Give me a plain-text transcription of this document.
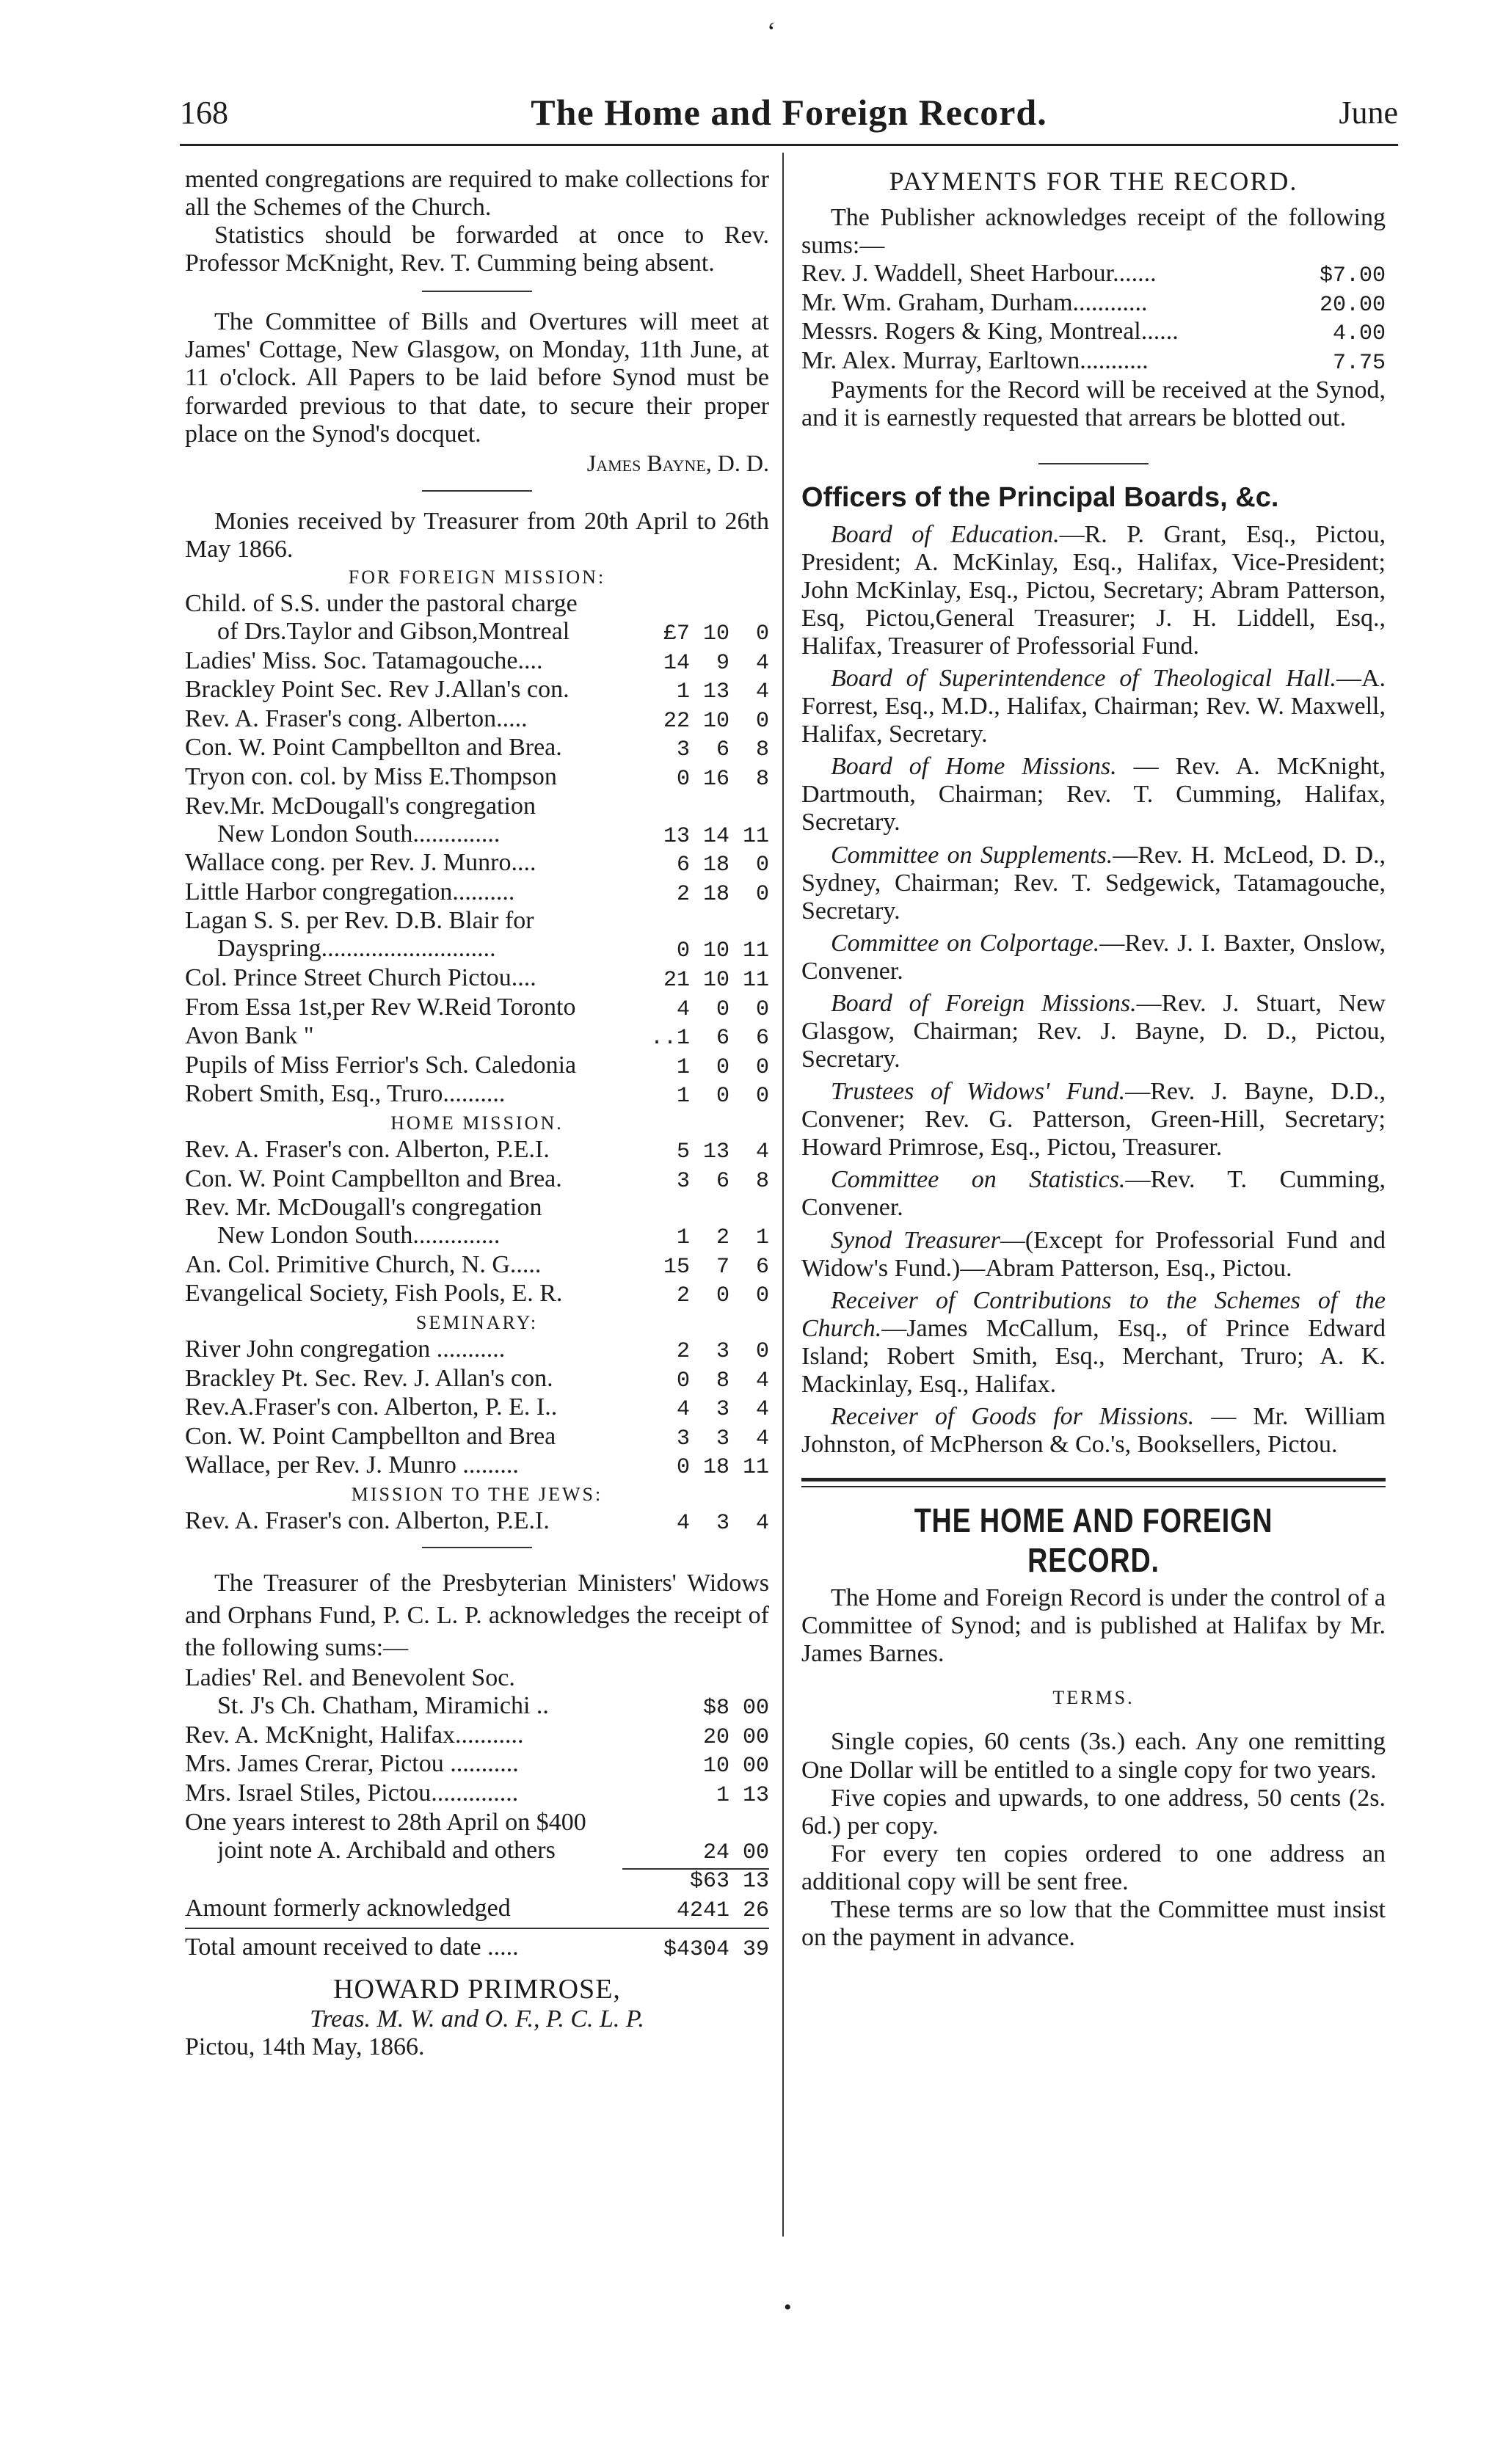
‘
168	The Home and Foreign Record.	June

mented congregations are required to make collections for all the Schemes of the Church.

Statistics should be forwarded at once to Rev. Professor McKnight, Rev. T. Cumming being absent.

The Committee of Bills and Overtures will meet at James' Cottage, New Glasgow, on Monday, 11th June, at 11 o'clock. All Papers to be laid before Synod must be forwarded previous to that date, to secure their proper place on the Synod's docquet.

James Bayne, D. D.

Monies received by Treasurer from 20th April to 26th May 1866.

FOR FOREIGN MISSION:
Child. of S.S. under the pastoral charge
of Drs.Taylor and Gibson,Montreal	£7 10  0
Ladies' Miss. Soc. Tatamagouche....	14  9  4
Brackley Point Sec. Rev J.Allan's con.	1 13  4
Rev. A. Fraser's cong. Alberton.....	22 10  0
Con. W. Point Campbellton and Brea.	3  6  8
Tryon con. col. by Miss E.Thompson	0 16  8
Rev.Mr. McDougall's congregation
New London South..............	13 14 11
Wallace cong. per Rev. J. Munro....	6 18  0
Little Harbor congregation..........	2 18  0
Lagan S. S. per Rev. D.B. Blair for
Dayspring............................	0 10 11
Col. Prince Street Church Pictou....	21 10 11
From Essa 1st,per Rev W.Reid Toronto	4  0  0
Avon Bank "	..1  6  6
Pupils of Miss Ferrior's Sch. Caledonia	1  0  0
Robert Smith, Esq., Truro..........	1  0  0
HOME MISSION.
Rev. A. Fraser's con. Alberton, P.E.I.	5 13  4
Con. W. Point Campbellton and Brea.	3  6  8
Rev. Mr. McDougall's congregation
New London South..............	1  2  1
An. Col. Primitive Church, N. G.....	15  7  6
Evangelical Society, Fish Pools, E. R.	2  0  0
SEMINARY:
River John congregation ...........	2  3  0
Brackley Pt. Sec. Rev. J. Allan's con.	0  8  4
Rev.A.Fraser's con. Alberton, P. E. I..	4  3  4
Con. W. Point Campbellton and Brea	3  3  4
Wallace, per Rev. J. Munro .........	0 18 11
MISSION TO THE JEWS:
Rev. A. Fraser's con. Alberton, P.E.I.	4  3  4

The Treasurer of the Presbyterian Ministers' Widows and Orphans Fund, P. C. L. P. acknowledges the receipt of the following sums:—

Ladies' Rel. and Benevolent Soc.
St. J's Ch. Chatham, Miramichi ..	$8 00
Rev. A. McKnight, Halifax...........	20 00
Mrs. James Crerar, Pictou ...........	10 00
Mrs. Israel Stiles, Pictou..............	1 13
One years interest to 28th April on $400
joint note A. Archibald and others	24 00
$63 13
Amount formerly acknowledged	4241 26
Total amount received to date .....	$4304 39

HOWARD PRIMROSE,

Treas. M. W. and O. F., P. C. L. P.

Pictou, 14th May, 1866.

PAYMENTS FOR THE RECORD.

The Publisher acknowledges receipt of the following sums:—

Rev. J. Waddell, Sheet Harbour.......	$7.00
Mr. Wm. Graham, Durham............	20.00
Messrs. Rogers & King, Montreal......	4.00
Mr. Alex. Murray, Earltown...........	7.75

Payments for the Record will be received at the Synod, and it is earnestly requested that arrears be blotted out.

Officers of the Principal Boards, &c.

Board of Education.—R. P. Grant, Esq., Pictou, President; A. McKinlay, Esq., Halifax, Vice-President; John McKinlay, Esq., Pictou, Secretary; Abram Patterson, Esq, Pictou,General Treasurer; J. H. Liddell, Esq., Halifax, Treasurer of Professorial Fund.

Board of Superintendence of Theological Hall.—A. Forrest, Esq., M.D., Halifax, Chairman; Rev. W. Maxwell, Halifax, Secretary.

Board of Home Missions. — Rev. A. McKnight, Dartmouth, Chairman; Rev. T. Cumming, Halifax, Secretary.

Committee on Supplements.—Rev. H. McLeod, D. D., Sydney, Chairman; Rev. T. Sedgewick, Tatamagouche, Secretary.

Committee on Colportage.—Rev. J. I. Baxter, Onslow, Convener.

Board of Foreign Missions.—Rev. J. Stuart, New Glasgow, Chairman; Rev. J. Bayne, D. D., Pictou, Secretary.

Trustees of Widows' Fund.—Rev. J. Bayne, D.D., Convener; Rev. G. Patterson, Green-Hill, Secretary; Howard Primrose, Esq., Pictou, Treasurer.

Committee on Statistics.—Rev. T. Cumming, Convener.

Synod Treasurer—(Except for Professorial Fund and Widow's Fund.)—Abram Patterson, Esq., Pictou.

Receiver of Contributions to the Schemes of the Church.—James McCallum, Esq., of Prince Edward Island; Robert Smith, Esq., Merchant, Truro; A. K. Mackinlay, Esq., Halifax.

Receiver of Goods for Missions. — Mr. William Johnston, of McPherson & Co.'s, Booksellers, Pictou.

THE HOME AND FOREIGN RECORD.

The Home and Foreign Record is under the control of a Committee of Synod; and is published at Halifax by Mr. James Barnes.

TERMS.

Single copies, 60 cents (3s.) each. Any one remitting One Dollar will be entitled to a single copy for two years.

Five copies and upwards, to one address, 50 cents (2s. 6d.) per copy.

For every ten copies ordered to one address an additional copy will be sent free.

These terms are so low that the Committee must insist on the payment in advance.

•
